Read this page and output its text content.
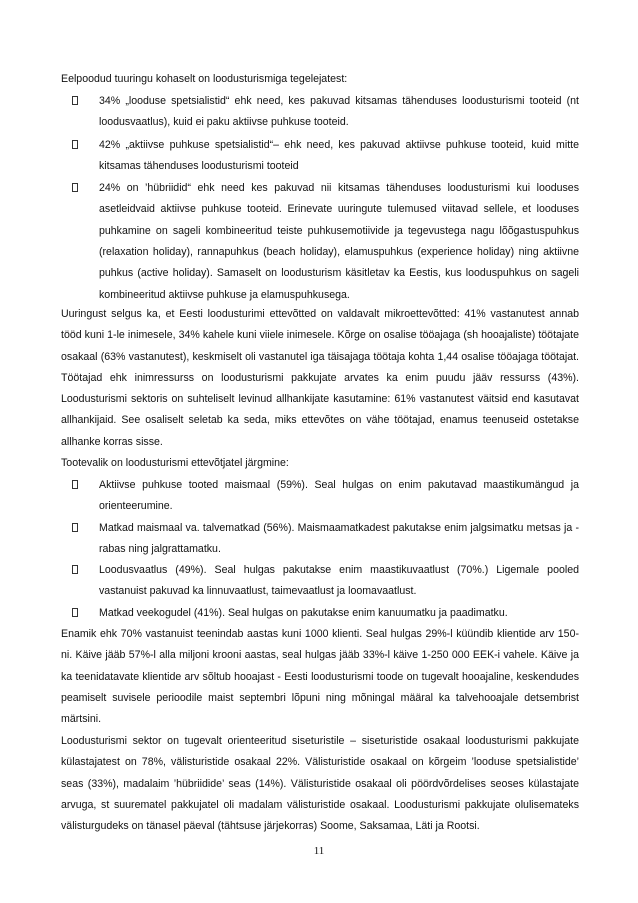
Eelpoodud tuuringu kohaselt on loodusturismiga tegelejatest:

34% „looduse spetsialistid“ ehk need, kes pakuvad kitsamas tähenduses loodusturismi tooteid (nt loodusvaatlus), kuid ei paku aktiivse puhkuse tooteid.
42% „aktiivse puhkuse spetsialistid“– ehk need, kes pakuvad aktiivse puhkuse tooteid, kuid mitte kitsamas tähenduses loodusturismi tooteid
24% on ’hübriidid“ ehk need kes pakuvad nii kitsamas tähenduses loodusturismi kui looduses asetleidvaid aktiivse puhkuse tooteid. Erinevate uuringute tulemused viitavad sellele, et looduses puhkamine on sageli kombineeritud teiste puhkusemotiivide ja tegevustega nagu lõõgastuspuhkus (relaxation holiday), rannapuhkus (beach holiday), elamuspuhkus (experience holiday) ning aktiivne puhkus (active holiday). Samaselt on loodusturism käsitletav ka Eestis, kus looduspuhkus on sageli kombineeritud aktiivse puhkuse ja elamuspuhkusega.

Uuringust selgus ka, et Eesti loodusturimi ettevõtted on valdavalt mikroettevõtted: 41% vastanutest annab tööd kuni 1-le inimesele, 34% kahele kuni viiele inimesele. Kõrge on osalise tööajaga (sh hooajaliste) töötajate osakaal (63% vastanutest), keskmiselt oli vastanutel iga täisajaga töötaja kohta 1,44 osalise tööajaga töötajat. Töötajad ehk inimressurss on loodusturismi pakkujate arvates ka enim puudu jääv ressurss (43%). Loodusturismi sektoris on suhteliselt levinud allhankijate kasutamine: 61% vastanutest väitsid end kasutavat allhankijaid. See osaliselt seletab ka seda, miks ettevõtes on vähe töötajad, enamus teenuseid ostetakse allhanke korras sisse.

Tootevalik on loodusturismi ettevõtjatel järgmine:

Aktiivse puhkuse tooted maismaal (59%). Seal hulgas on enim pakutavad maastikumängud ja orienteerumine.
Matkad maismaal va. talvematkad (56%). Maismaamatkadest pakutakse enim jalgsimatku metsas ja -rabas ning jalgrattamatku.
Loodusvaatlus (49%). Seal hulgas pakutakse enim maastikuvaatlust (70%.) Ligemale pooled vastanuist pakuvad ka linnuvaatlust, taimevaatlust ja loomavaatlust.
Matkad veekogudel (41%). Seal hulgas on pakutakse enim kanuumatku ja paadimatku.

Enamik ehk 70% vastanuist teenindab aastas kuni 1000 klienti. Seal hulgas 29%-l küündib klientide arv 150-ni. Käive jääb 57%-l alla miljoni krooni aastas, seal hulgas jääb 33%-l käive 1-250 000 EEK-i vahele. Käive ja ka teenidatavate klientide arv sõltub hooajast - Eesti loodusturismi toode on tugevalt hooajaline, keskendudes peamiselt suvisele perioodile maist septembri lõpuni ning mõningal määral ka talvehooajale detsembrist märtsini.

Loodusturismi sektor on tugevalt orienteeritud siseturistile – siseturistide osakaal loodusturismi pakkujate külastajatest on 78%, välisturistide osakaal 22%. Välisturistide osakaal on kõrgeim ’looduse spetsialistide’ seas (33%), madalaim ’hübriidide’ seas (14%). Välisturistide osakaal oli pöördvõrdelises seoses külastajate arvuga, st suurematel pakkujatel oli madalam välisturistide osakaal. Loodusturismi pakkujate olulisemateks välisturgudeks on tänasel päeval (tähtsuse järjekorras) Soome, Saksamaa, Läti ja Rootsi.

11
